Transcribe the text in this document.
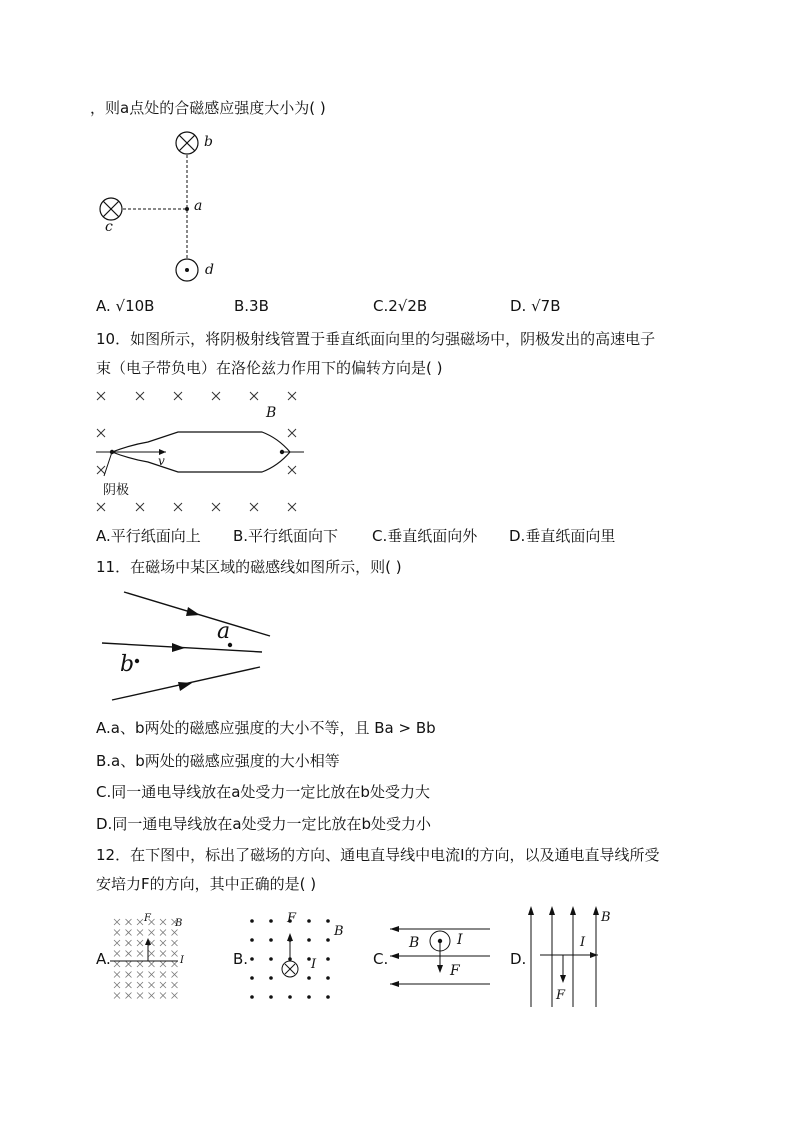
，则a点处的合磁感应强度大小为( )
b
a
c
d
A. √10B	B.3B	C.2√2B	D. √7B
10．如图所示，将阴极射线管置于垂直纸面向里的匀强磁场中，阴极发出的高速电子
束（电子带负电）在洛伦兹力作用下的偏转方向是( )
B
v
阴极
A.平行纸面向上 B.平行纸面向下 C.垂直纸面向外 D.垂直纸面向里
11．在磁场中某区域的磁感线如图所示，则( )
a
b
A.a、b两处的磁感应强度的大小不等，且 Ba > Bb
B.a、b两处的磁感应强度的大小相等
C.同一通电导线放在a处受力一定比放在b处受力大
D.同一通电导线放在a处受力一定比放在b处受力小
12．在下图中，标出了磁场的方向、通电直导线中电流I的方向，以及通电直导线所受
安培力F的方向，其中正确的是( )
A.	B.	C.	D.
F B
I
F
B
I
B	I
F
B
I
F
